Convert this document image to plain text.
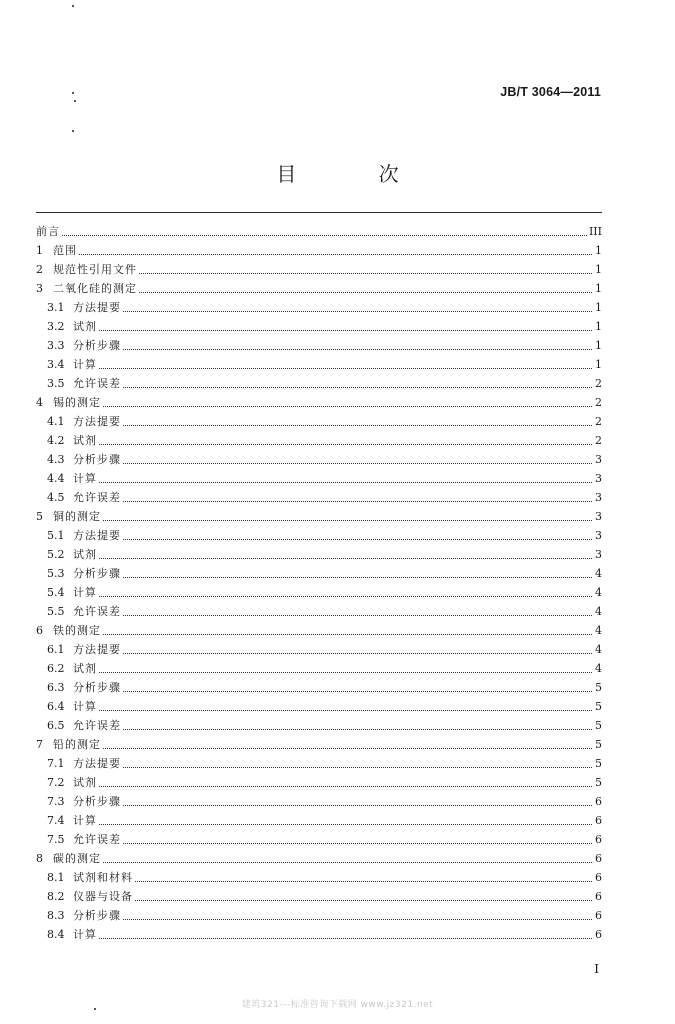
JB/T 3064—2011
目 次
前言	III
1 范围	1
2 规范性引用文件	1
3 二氧化硅的测定	1
3.1 方法提要	1
3.2 试剂	1
3.3 分析步骤	1
3.4 计算	1
3.5 允许误差	2
4 锡的测定	2
4.1 方法提要	2
4.2 试剂	2
4.3 分析步骤	3
4.4 计算	3
4.5 允许误差	3
5 铜的测定	3
5.1 方法提要	3
5.2 试剂	3
5.3 分析步骤	4
5.4 计算	4
5.5 允许误差	4
6 铁的测定	4
6.1 方法提要	4
6.2 试剂	4
6.3 分析步骤	5
6.4 计算	5
6.5 允许误差	5
7 铅的测定	5
7.1 方法提要	5
7.2 试剂	5
7.3 分析步骤	6
7.4 计算	6
7.5 允许误差	6
8 碳的测定	6
8.1 试剂和材料	6
8.2 仪器与设备	6
8.3 分析步骤	6
8.4 计算	6
I
建筑321---标准咨询下载网 www.jz321.net
